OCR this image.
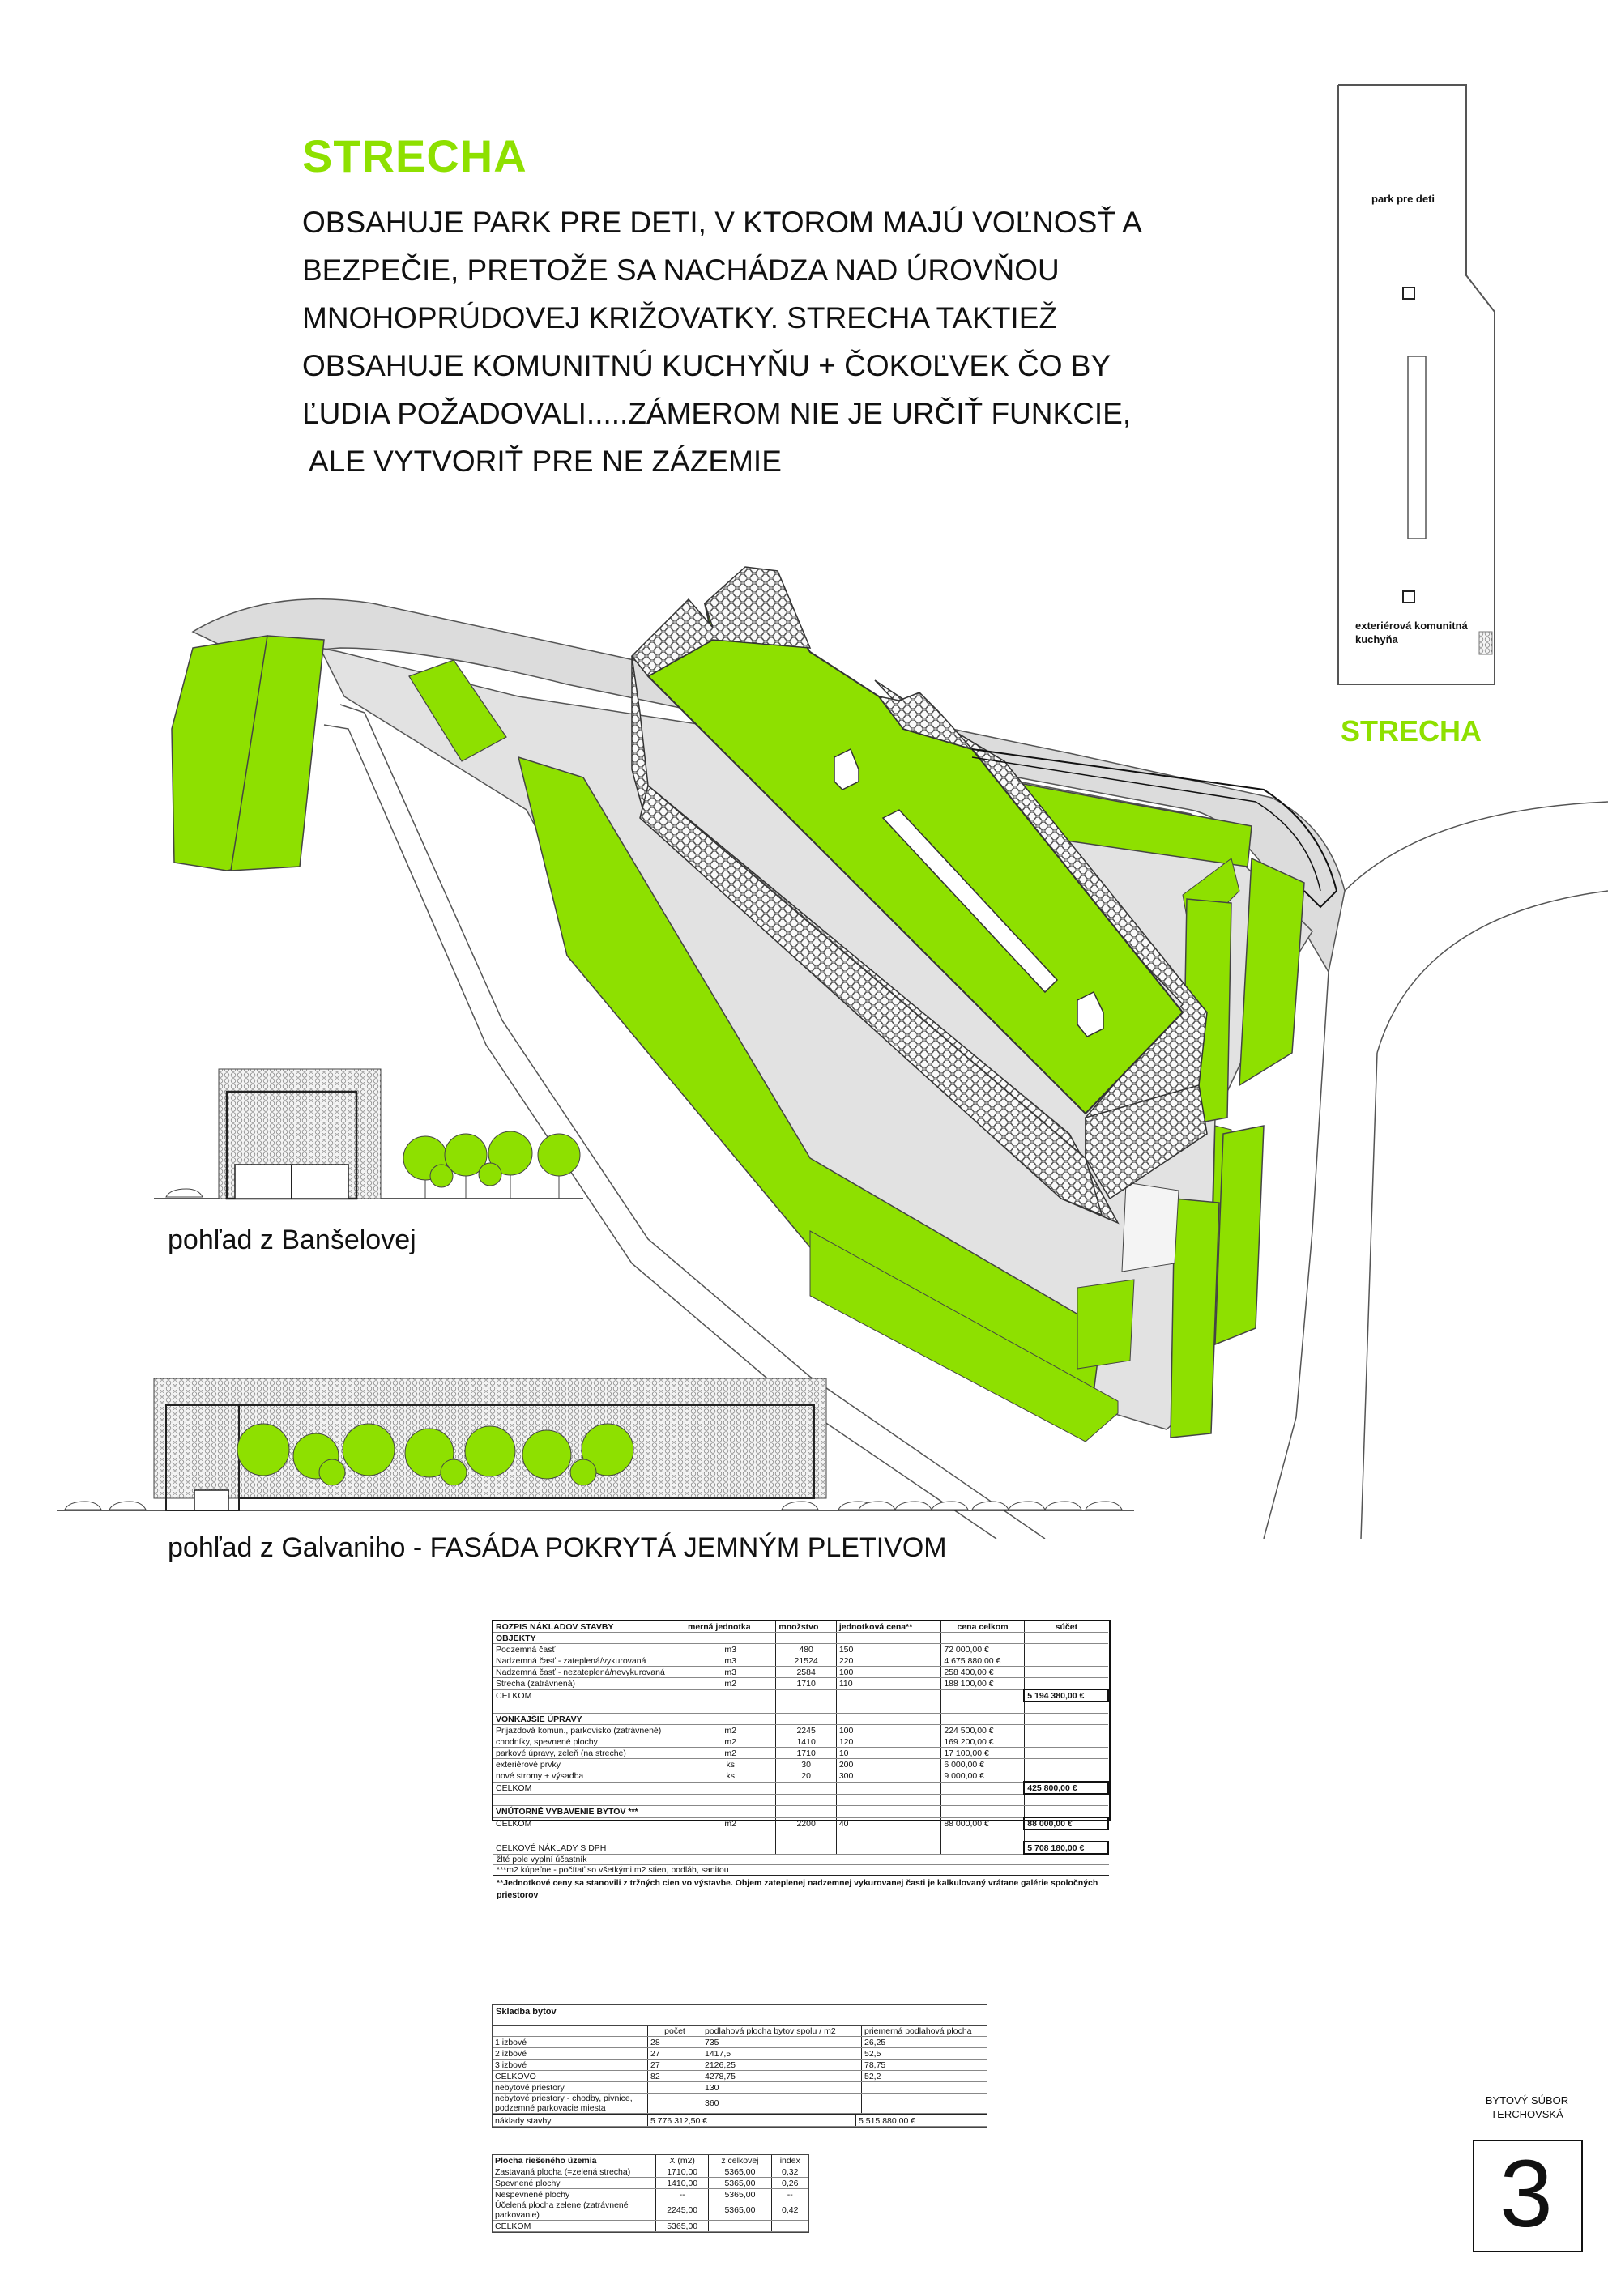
STRECHA
OBSAHUJE PARK PRE DETI, V KTOROM MAJÚ VOĽNOSŤ A
BEZPEČIE, PRETOŽE SA NACHÁDZA NAD ÚROVŇOU
MNOHOPRÚDOVEJ KRIŽOVATKY. STRECHA TAKTIEŽ
OBSAHUJE KOMUNITNÚ KUCHYŇU + ČOKOĽVEK ČO BY
ĽUDIA POŽADOVALI.....ZÁMEROM NIE JE URČIŤ FUNKCIE,
ALE VYTVORIŤ PRE NE ZÁZEMIE
park pre deti
exteriérová komunitná
kuchyňa
STRECHA
pohľad z Banšelovej
pohľad z Galvaniho - FASÁDA POKRYTÁ JEMNÝM PLETIVOM
ROZPIS NÁKLADOV STAVBY	merná jednotka	množstvo	jednotková cena**	cena celkom	súčet
OBJEKTY					
Podzemná časť	m3	480	150	72 000,00 €	
Nadzemná časť - zateplená/vykurovaná	m3	21524	220	4 675 880,00 €	
Nadzemná časť - nezateplená/nevykurovaná	m3	2584	100	258 400,00 €	
Strecha (zatrávnená)	m2	1710	110	188 100,00 €	
CELKOM					5 194 380,00 €

VONKAJŠIE ÚPRAVY					
Prijazdová komun., parkovisko (zatrávnené)	m2	2245	100	224 500,00 €	
chodníky, spevnené plochy	m2	1410	120	169 200,00 €	
parkové úpravy, zeleň (na streche)	m2	1710	10	17 100,00 €	
exteriérové prvky	ks	30	200	6 000,00 €	
nové stromy + výsadba	ks	20	300	9 000,00 €	
CELKOM					425 800,00 €

VNÚTORNÉ VYBAVENIE BYTOV ***					
CELKOM	m2	2200	40	88 000,00 €	88 000,00 €

CELKOVÉ NÁKLADY S DPH					5 708 180,00 €
žlté pole vyplní účastník
***m2 kúpeľne - počítať so všetkými m2 stien, podláh, sanitou
**Jednotkové ceny sa stanovili z tržných cien vo výstavbe. Objem zateplenej nadzemnej vykurovanej časti je kalkulovaný vrátane galérie spoločných priestorov
Skladba bytov
	počet	podlahová plocha bytov spolu / m2	priemerná podlahová plocha
1 izbové	28	735	26,25
2 izbové	27	1417,5	52,5
3 izbové	27	2126,25	78,75
CELKOVO	82	4278,75	52,2
nebytové priestory		130	
nebytové priestory - chodby, pivnice, podzemné parkovacie miesta		360	
náklady stavby	5 776 312,50 €	5 515 880,00 €
Plocha riešeného územia	X (m2)	z celkovej	index
Zastavaná plocha (=zelená strecha)	1710,00	5365,00	0,32
Spevnené plochy	1410,00	5365,00	0,26
Nespevnené plochy	--	5365,00	--
Účelená plocha zelene (zatrávnené parkovanie)	2245,00	5365,00	0,42
CELKOM	5365,00		
BYTOVÝ SÚBOR
TERCHOVSKÁ
3
